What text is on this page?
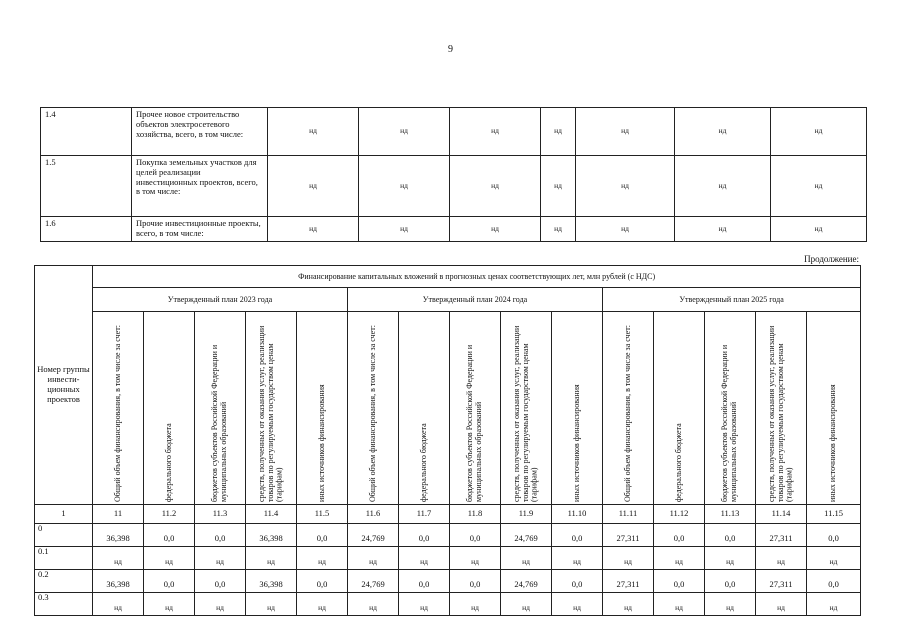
9
1.4	Прочее новое строительство объектов электросетевого хозяйства, всего, в том числе:	нд	нд	нд	нд	нд	нд	нд	
1.5	Покупка земельных участков для целей реализации инвестиционных проектов, всего, в том числе:	нд	нд	нд	нд	нд	нд	нд	
1.6	Прочие инвестиционные проекты, всего, в том числе:	нд	нд	нд	нд	нд	нд	нд	
Продолжение:
Номер группы инвести-ционных проектов	Финансирование капитальных вложений в прогнозных ценах соответствующих лет, млн рублей (с НДС)														
	Утвержденный план 2023 года					Утвержденный план 2024 года					Утвержденный план 2025 года				

	Общий объем финансирования, в том числе за счет:	федерального бюджета	бюджетов субъектов Российской Федерации и муниципальных образований	средств, полученных от оказания услуг, реализации товаров по регулируемым государством ценам (тарифам)	иных источников финансирования	Общий объем финансирования, в том числе за счет:	федерального бюджета	бюджетов субъектов Российской Федерации и муниципальных образований	средств, полученных от оказания услуг, реализации товаров по регулируемым государством ценам (тарифам)	иных источников финансирования	Общий объем финансирования, в том числе за счет:	федерального бюджета	бюджетов субъектов Российской Федерации и муниципальных образований	средств, полученных от оказания услуг, реализации товаров по регулируемым государством ценам (тарифам)	иных источников финансирования

1	11	11.2	11.3	11.4	11.5	11.6	11.7	11.8	11.9	11.10	11.11	11.12	11.13	11.14	11.15
0	36,398	0,0	0,0	36,398	0,0	24,769	0,0	0,0	24,769	0,0	27,311	0,0	0,0	27,311	0,0
0.1	нд	нд	нд	нд	нд	нд	нд	нд	нд	нд	нд	нд	нд	нд	нд
0.2	36,398	0,0	0,0	36,398	0,0	24,769	0,0	0,0	24,769	0,0	27,311	0,0	0,0	27,311	0,0
0.3	нд	нд	нд	нд	нд	нд	нд	нд	нд	нд	нд	нд	нд	нд	нд
